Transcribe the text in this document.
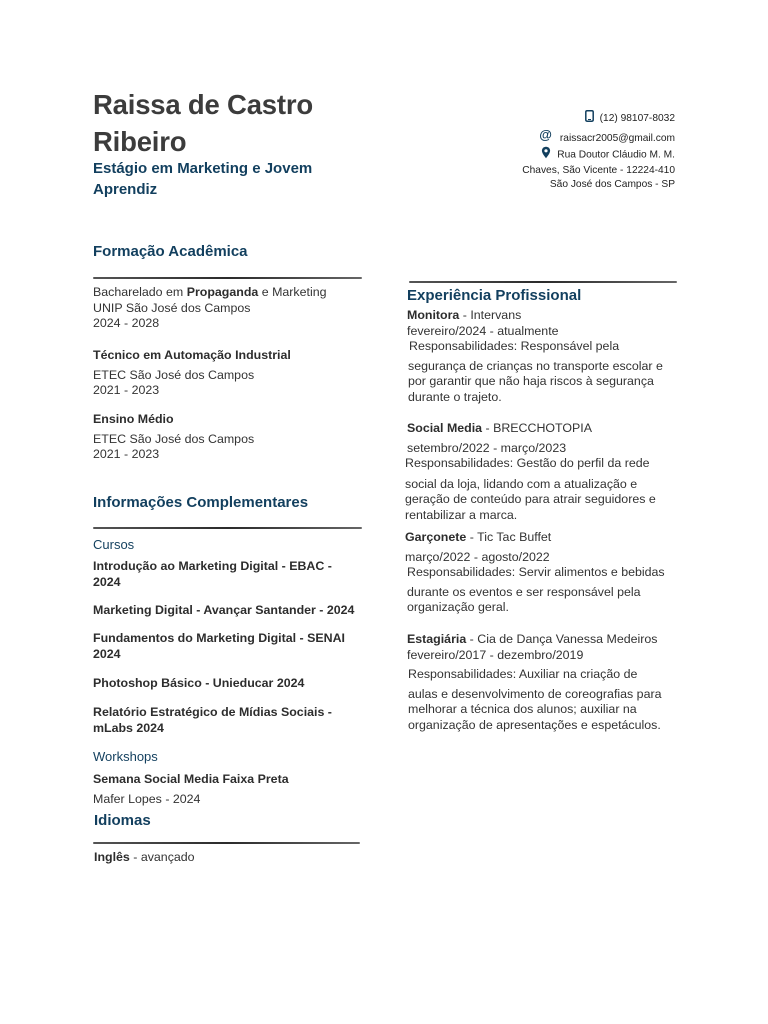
Raissa de Castro
Ribeiro
Estágio em Marketing e Jovem
Aprendiz
(12) 98107-8032
@ raissacr2005@gmail.com
Rua Doutor Cláudio M. M.
Chaves, São Vicente - 12224-410
São José dos Campos - SP
Formação Acadêmica
Bacharelado em Propaganda e Marketing
UNIP São José dos Campos
2024 - 2028
Técnico em Automação Industrial
ETEC São José dos Campos
2021 - 2023
Ensino Médio
ETEC São José dos Campos
2021 - 2023
Informações Complementares
Cursos
Introdução ao Marketing Digital - EBAC -
2024
Marketing Digital - Avançar Santander - 2024
Fundamentos do Marketing Digital - SENAI
2024
Photoshop Básico - Unieducar 2024
Relatório Estratégico de Mídias Sociais -
mLabs 2024
Workshops
Semana Social Media Faixa Preta
Mafer Lopes - 2024
Idiomas
Inglês - avançado
Experiência Profissional
Monitora - Intervans
fevereiro/2024 - atualmente
Responsabilidades: Responsável pela
segurança de crianças no transporte escolar e
por garantir que não haja riscos à segurança
durante o trajeto.
Social Media - BRECCHOTOPIA
setembro/2022 - março/2023
Responsabilidades: Gestão do perfil da rede
social da loja, lidando com a atualização e
geração de conteúdo para atrair seguidores e
rentabilizar a marca.
Garçonete - Tic Tac Buffet
março/2022 - agosto/2022
Responsabilidades: Servir alimentos e bebidas
durante os eventos e ser responsável pela
organização geral.
Estagiária - Cia de Dança Vanessa Medeiros
fevereiro/2017 - dezembro/2019
Responsabilidades: Auxiliar na criação de
aulas e desenvolvimento de coreografias para
melhorar a técnica dos alunos; auxiliar na
organização de apresentações e espetáculos.
